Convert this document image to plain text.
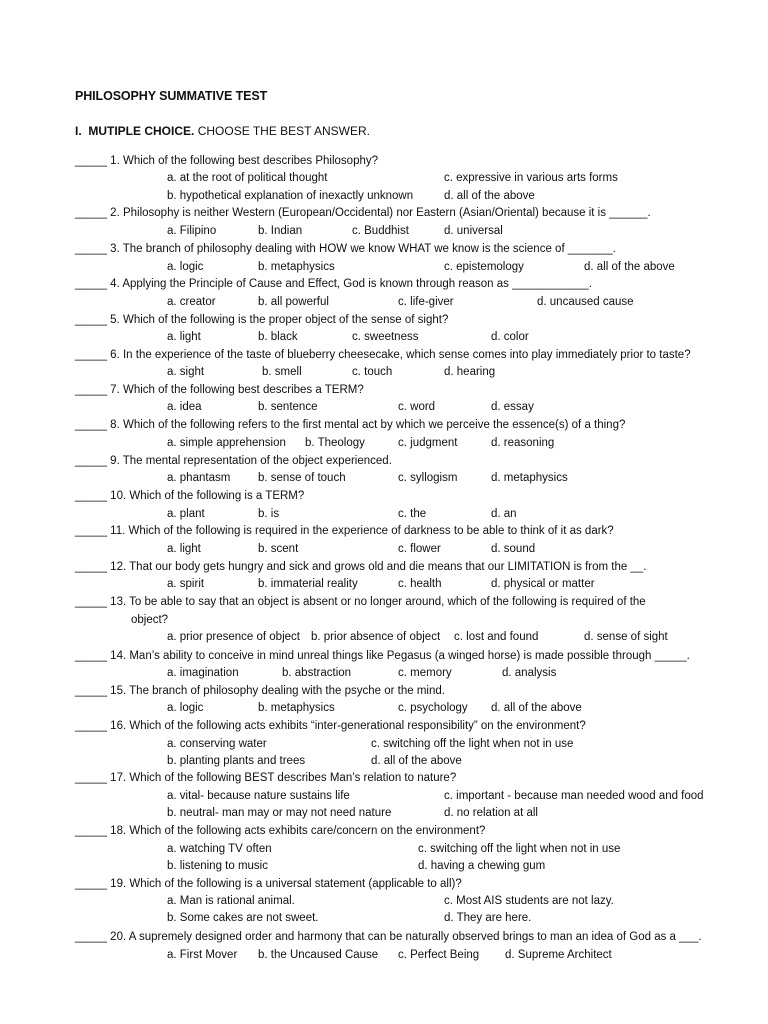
PHILOSOPHY SUMMATIVE TEST
I. MUTIPLE CHOICE. CHOOSE THE BEST ANSWER.
_____ 1. Which of the following best describes Philosophy?
a. at the root of political thought	c. expressive in various arts forms
b. hypothetical explanation of inexactly unknown	d. all of the above
_____ 2. Philosophy is neither Western (European/Occidental) nor Eastern (Asian/Oriental) because it is ______.
a. Filipino	b. Indian	c. Buddhist	d. universal
_____ 3. The branch of philosophy dealing with HOW we know WHAT we know is the science of _______.
a. logic	b. metaphysics	c. epistemology	d. all of the above
_____ 4. Applying the Principle of Cause and Effect, God is known through reason as ____________.
a. creator	b. all powerful	c. life-giver	d. uncaused cause
_____ 5. Which of the following is the proper object of the sense of sight?
a. light	b. black	c. sweetness	d. color
_____ 6. In the experience of the taste of blueberry cheesecake, which sense comes into play immediately prior to taste?
a. sight	b. smell	c. touch	d. hearing
_____ 7. Which of the following best describes a TERM?
a. idea	b. sentence	c. word	d. essay
_____ 8. Which of the following refers to the first mental act by which we perceive the essence(s) of a thing?
a. simple apprehension b. Theology	c. judgment	d. reasoning
_____ 9. The mental representation of the object experienced.
a. phantasm b. sense of touch	c. syllogism	d. metaphysics
_____ 10. Which of the following is a TERM?
a. plant	b. is	c. the	d. an
_____ 11. Which of the following is required in the experience of darkness to be able to think of it as dark?
a. light	b. scent	c. flower	d. sound
_____ 12. That our body gets hungry and sick and grows old and die means that our LIMITATION is from the __.
a. spirit	b. immaterial reality	c. health	d. physical or matter
_____ 13. To be able to say that an object is absent or no longer around, which of the following is required of the
object?
a. prior presence of object b. prior absence of object c. lost and found	d. sense of sight
_____ 14. Man’s ability to conceive in mind unreal things like Pegasus (a winged horse) is made possible through _____.
a. imagination	b. abstraction	c. memory	d. analysis
_____ 15. The branch of philosophy dealing with the psyche or the mind.
a. logic	b. metaphysics	c. psychology d. all of the above
_____ 16. Which of the following acts exhibits “inter-generational responsibility” on the environment?
a. conserving water	c. switching off the light when not in use
b. planting plants and trees	d. all of the above
_____ 17. Which of the following BEST describes Man’s relation to nature?
a. vital- because nature sustains life	c. important - because man needed wood and food
b. neutral- man may or may not need nature	d. no relation at all
_____ 18. Which of the following acts exhibits care/concern on the environment?
a. watching TV often	c. switching off the light when not in use
b. listening to music	d. having a chewing gum
_____ 19. Which of the following is a universal statement (applicable to all)?
a. Man is rational animal.	c. Most AIS students are not lazy.
b. Some cakes are not sweet.	d. They are here.
_____ 20. A supremely designed order and harmony that can be naturally observed brings to man an idea of God as a ___.
a. First Mover b. the Uncaused Cause c. Perfect Being d. Supreme Architect
